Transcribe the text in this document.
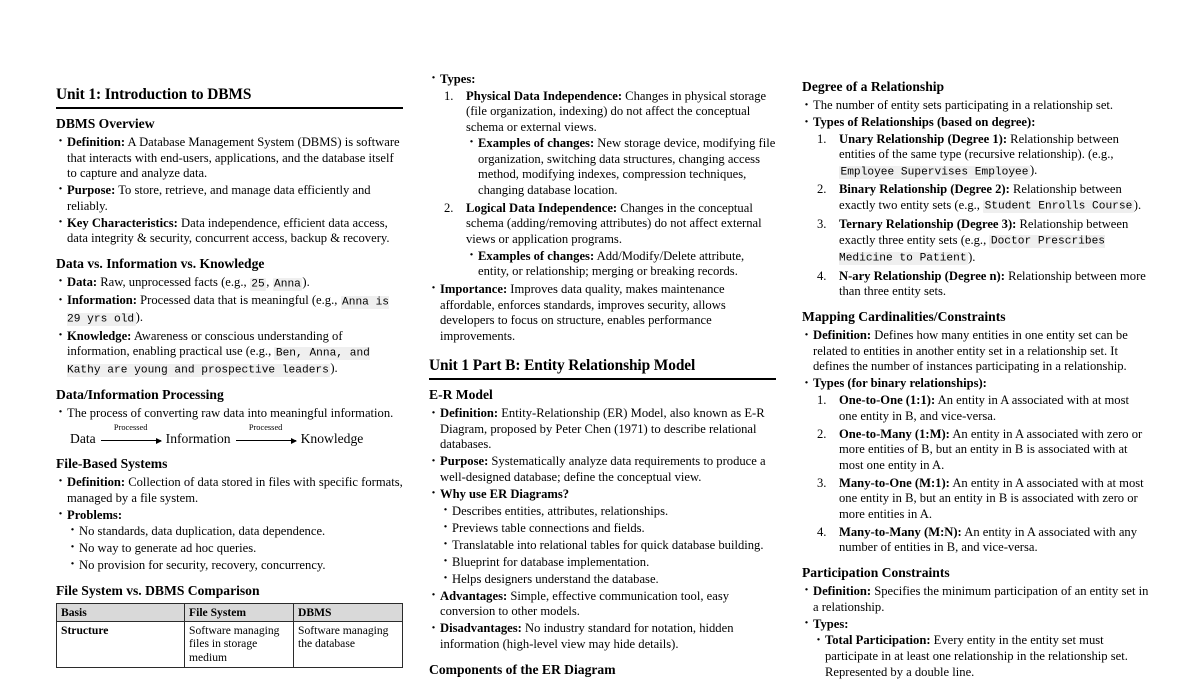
Unit 1: Introduction to DBMS
DBMS Overview
· Definition: A Database Management System (DBMS) is software that interacts with end-users, applications, and the database itself to capture and analyze data.
· Purpose: To store, retrieve, and manage data efficiently and reliably.
· Key Characteristics: Data independence, efficient data access, data integrity & security, concurrent access, backup & recovery.
Data vs. Information vs. Knowledge
· Data: Raw, unprocessed facts (e.g., 25 , Anna ).
· Information: Processed data that is meaningful (e.g., Anna is 29 yrs old ).
· Knowledge: Awareness or conscious understanding of information, enabling practical use (e.g., Ben, Anna, and Kathy are young and prospective leaders ).
Data/Information Processing
· The process of converting raw data into meaningful information.
Data
Processed
Information
Processed
Knowledge
File-Based Systems
· Definition: Collection of data stored in files with specific formats, managed by a file system.
· Problems:
· No standards, data duplication, data dependence.
· No way to generate ad hoc queries.
· No provision for security, recovery, concurrency.
File System vs. DBMS Comparison
Basis	File System	DBMS
Structure	Software managing files in storage medium	Software managing the database
· Types:
Physical Data Independence: Changes in physical storage (file organization, indexing) do not affect the conceptual schema or external views.
· Examples of changes: New storage device, modifying file organization, switching data structures, changing access method, modifying indexes, compression techniques, changing database location.
Logical Data Independence: Changes in the conceptual schema (adding/removing attributes) do not affect external views or application programs.
· Examples of changes: Add/Modify/Delete attribute, entity, or relationship; merging or breaking records.
· Importance: Improves data quality, makes maintenance affordable, enforces standards, improves security, allows developers to focus on structure, enables performance improvements.
Unit 1 Part B: Entity Relationship Model
E-R Model
· Definition: Entity-Relationship (ER) Model, also known as E-R Diagram, proposed by Peter Chen (1971) to describe relational databases.
· Purpose: Systematically analyze data requirements to produce a well-designed database; define the conceptual view.
· Why use ER Diagrams?
· Describes entities, attributes, relationships.
· Previews table connections and fields.
· Translatable into relational tables for quick database building.
· Blueprint for database implementation.
· Helps designers understand the database.
· Advantages: Simple, effective communication tool, easy conversion to other models.
· Disadvantages: No industry standard for notation, hidden information (high-level view may hide details).
Components of the ER Diagram
Degree of a Relationship
· The number of entity sets participating in a relationship set.
· Types of Relationships (based on degree):
Unary Relationship (Degree 1): Relationship between entities of the same type (recursive relationship). (e.g., Employee Supervises Employee ).
Binary Relationship (Degree 2): Relationship between exactly two entity sets (e.g., Student Enrolls Course ).
Ternary Relationship (Degree 3): Relationship between exactly three entity sets (e.g., Doctor Prescribes Medicine to Patient ).
N-ary Relationship (Degree n): Relationship between more than three entity sets.
Mapping Cardinalities/Constraints
· Definition: Defines how many entities in one entity set can be related to entities in another entity set in a relationship set. It defines the number of instances participating in a relationship.
· Types (for binary relationships):
One-to-One (1:1): An entity in A associated with at most one entity in B, and vice-versa.
One-to-Many (1:M): An entity in A associated with zero or more entities of B, but an entity in B is associated with at most one entity in A.
Many-to-One (M:1): An entity in A associated with at most one entity in B, but an entity in B is associated with zero or more entities in A.
Many-to-Many (M:N): An entity in A associated with any number of entities in B, and vice-versa.
Participation Constraints
· Definition: Specifies the minimum participation of an entity set in a relationship.
· Types:
· Total Participation: Every entity in the entity set must participate in at least one relationship in the relationship set. Represented by a double line.
